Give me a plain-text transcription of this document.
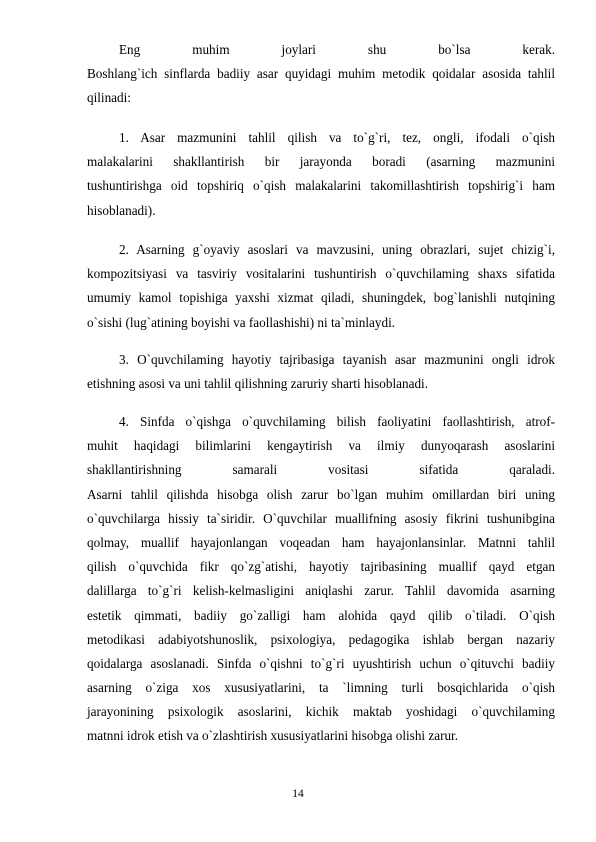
Eng muhim joylari shu bo`lsa kerak.
Boshlang`ich sinflarda badiiy asar quyidagi muhim metodik qoidalar asosida tahlil
qilinadi:
1. Asar mazmunini tahlil qilish va to`g`ri, tez, ongli, ifodali o`qish
malakalarini shakllantirish bir jarayonda boradi (asarning mazmunini
tushuntirishga oid topshiriq o`qish malakalarini takomillashtirish topshirig`i ham
hisoblanadi).
2. Asarning g`oyaviy asoslari va mavzusini, uning obrazlari, sujet chizig`i,
kompozitsiyasi va tasviriy vositalarini tushuntirish o`quvchilaming shaxs sifatida
umumiy kamol topishiga yaxshi xizmat qiladi, shuningdek, bog`lanishli nutqining
o`sishi (lug`atining boyishi va faollashishi) ni ta`minlaydi.
3. O`quvchilaming hayotiy tajribasiga tayanish asar mazmunini ongli idrok
etishning asosi va uni tahlil qilishning zaruriy sharti hisoblanadi.
4. Sinfda o`qishga o`quvchilaming bilish faoliyatini faollashtirish, atrof-
muhit haqidagi bilimlarini kengaytirish va ilmiy dunyoqarash asoslarini
shakllantirishning samarali vositasi sifatida qaraladi.
Asarni tahlil qilishda hisobga olish zarur bo`lgan muhim omillardan biri uning
o`quvchilarga hissiy ta`siridir. O`quvchilar muallifning asosiy fikrini tushunibgina
qolmay, muallif hayajonlangan voqeadan ham hayajonlansinlar. Matnni tahlil
qilish o`quvchida fikr qo`zg`atishi, hayotiy tajribasining muallif qayd etgan
dalillarga to`g`ri kelish-kelmasligini aniqlashi zarur. Tahlil davomida asarning
estetik qimmati, badiiy go`zalligi ham alohida qayd qilib o`tiladi. O`qish
metodikasi adabiyotshunoslik, psixologiya, pedagogika ishlab bergan nazariy
qoidalarga asoslanadi. Sinfda o`qishni to`g`ri uyushtirish uchun o`qituvchi badiiy
asarning o`ziga xos xususiyatlarini, ta `limning turli bosqichlarida o`qish
jarayonining psixologik asoslarini, kichik maktab yoshidagi o`quvchilaming
matnni idrok etish va o`zlashtirish xususiyatlarini hisobga olishi zarur.
14
